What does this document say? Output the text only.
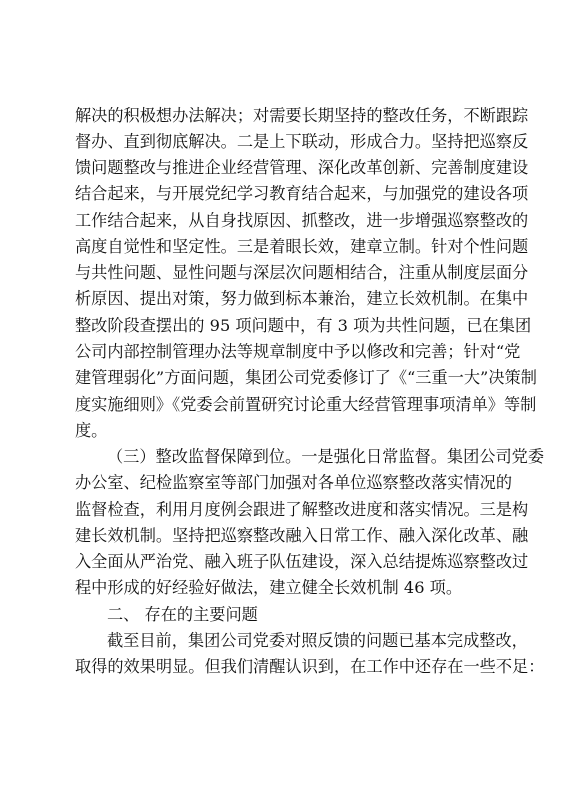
解决的积极想办法解决；对需要长期坚持的整改任务，不断跟踪
督办、直到彻底解决。二是上下联动，形成合力。坚持把巡察反
馈问题整改与推进企业经营管理、深化改革创新、完善制度建设
结合起来，与开展党纪学习教育结合起来，与加强党的建设各项
工作结合起来，从自身找原因、抓整改，进一步增强巡察整改的
高度自觉性和坚定性。三是着眼长效，建章立制。针对个性问题
与共性问题、显性问题与深层次问题相结合，注重从制度层面分
析原因、提出对策，努力做到标本兼治，建立长效机制。在集中
整改阶段查摆出的 95 项问题中，有 3 项为共性问题，已在集团
公司内部控制管理办法等规章制度中予以修改和完善；针对“党
建管理弱化”方面问题，集团公司党委修订了《“三重一大”决策制
度实施细则》《党委会前置研究讨论重大经营管理事项清单》等制
度。
（三）整改监督保障到位。一是强化日常监督。集团公司党委
办公室、纪检监察室等部门加强对各单位巡察整改落实情况的
监督检查，利用月度例会跟进了解整改进度和落实情况。三是构
建长效机制。坚持把巡察整改融入日常工作、融入深化改革、融
入全面从严治党、融入班子队伍建设，深入总结提炼巡察整改过
程中形成的好经验好做法，建立健全长效机制 46 项。
二、 存在的主要问题
截至目前，集团公司党委对照反馈的问题已基本完成整改，
取得的效果明显。但我们清醒认识到，在工作中还存在一些不足：
